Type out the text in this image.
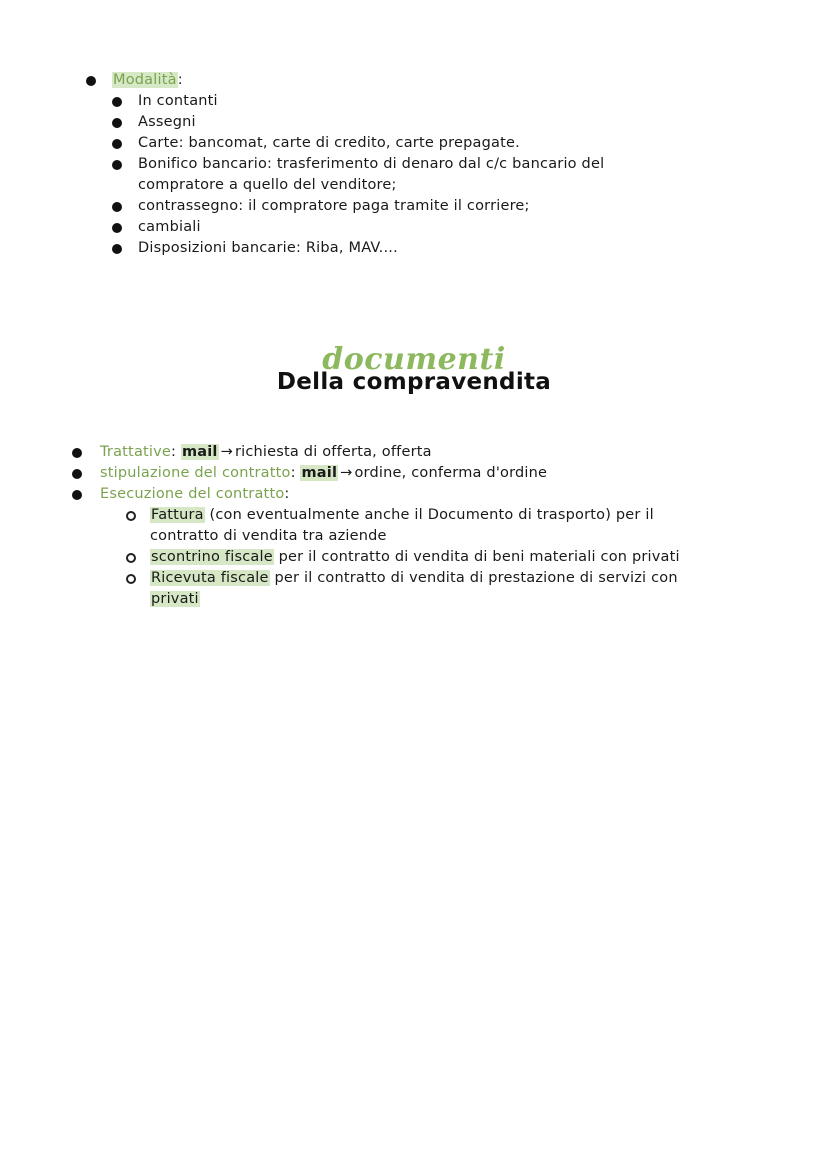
Modalità:
In contanti
Assegni
Carte: bancomat, carte di credito, carte prepagate.
Bonifico bancario: trasferimento di denaro dal c/c bancario del
compratore a quello del venditore;
contrassegno: il compratore paga tramite il corriere;
cambiali
Disposizioni bancarie: Riba, MAV....
documenti
Della compravendita
Trattative: mail → richiesta di offerta, offerta
stipulazione del contratto: mail → ordine, conferma d'ordine
Esecuzione del contratto:
Fattura (con eventualmente anche il Documento di trasporto) per il
contratto di vendita tra aziende
scontrino fiscale per il contratto di vendita di beni materiali con privati
Ricevuta fiscale per il contratto di vendita di prestazione di servizi con
privati
